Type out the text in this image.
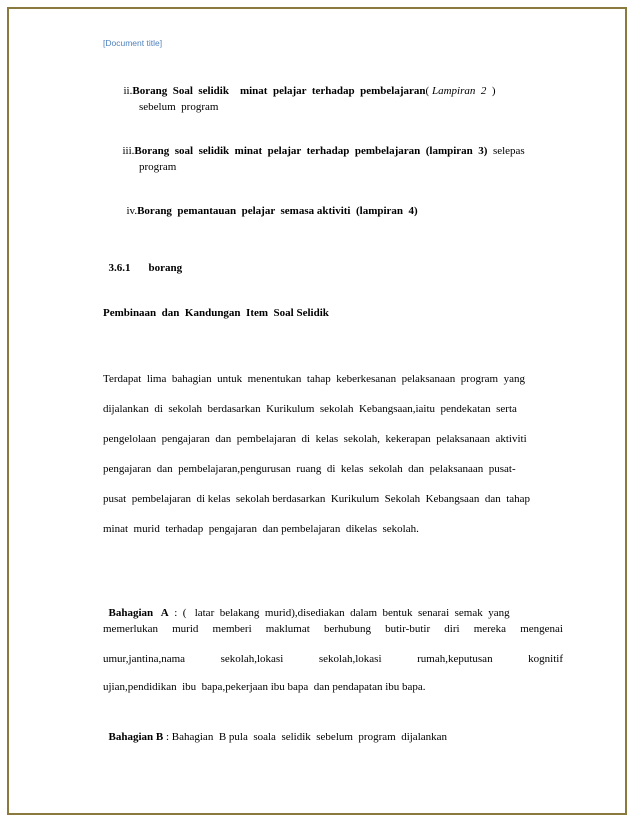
[Document title]

ii.Borang  Soal  selidik    minat  pelajar  terhadap  pembelajaran( Lampiran  2  )

sebelum  program

iii.Borang  soal  selidik  minat  pelajar  terhadap  pembelajaran  (lampiran  3)  selepas

program

iv.Borang  pemantauan  pelajar  semasa aktiviti  (lampiran  4)

3.6.1 borang

Pembinaan  dan  Kandungan  Item  Soal Selidik
Terdapat  lima  bahagian  untuk  menentukan  tahap  keberkesanan  pelaksanaan  program  yang
dijalankan  di  sekolah  berdasarkan  Kurikulum  sekolah  Kebangsaan,iaitu  pendekatan  serta
pengelolaan  pengajaran  dan  pembelajaran  di  kelas  sekolah,  kekerapan  pelaksanaan  aktiviti
pengajaran  dan  pembelajaran,pengurusan  ruang  di  kelas  sekolah  dan  pelaksanaan  pusat-
pusat  pembelajaran  di kelas  sekolah berdasarkan  Kurikulum  Sekolah  Kebangsaan  dan  tahap
minat  murid  terhadap  pengajaran  dan pembelajaran  dikelas  sekolah.

Bahagian   A  :  (   latar  belakang  murid),disediakan  dalam  bentuk  senarai  semak  yang

memerlukan murid memberi maklumat berhubung butir-butir diri mereka mengenai
umur,jantina,nama	sekolah,lokasi	sekolah,lokasi	rumah,keputusan	kognitif
ujian,pendidikan  ibu  bapa,pekerjaan ibu bapa  dan pendapatan ibu bapa.

Bahagian B : Bahagian  B pula  soala  selidik  sebelum  program  dijalankan
